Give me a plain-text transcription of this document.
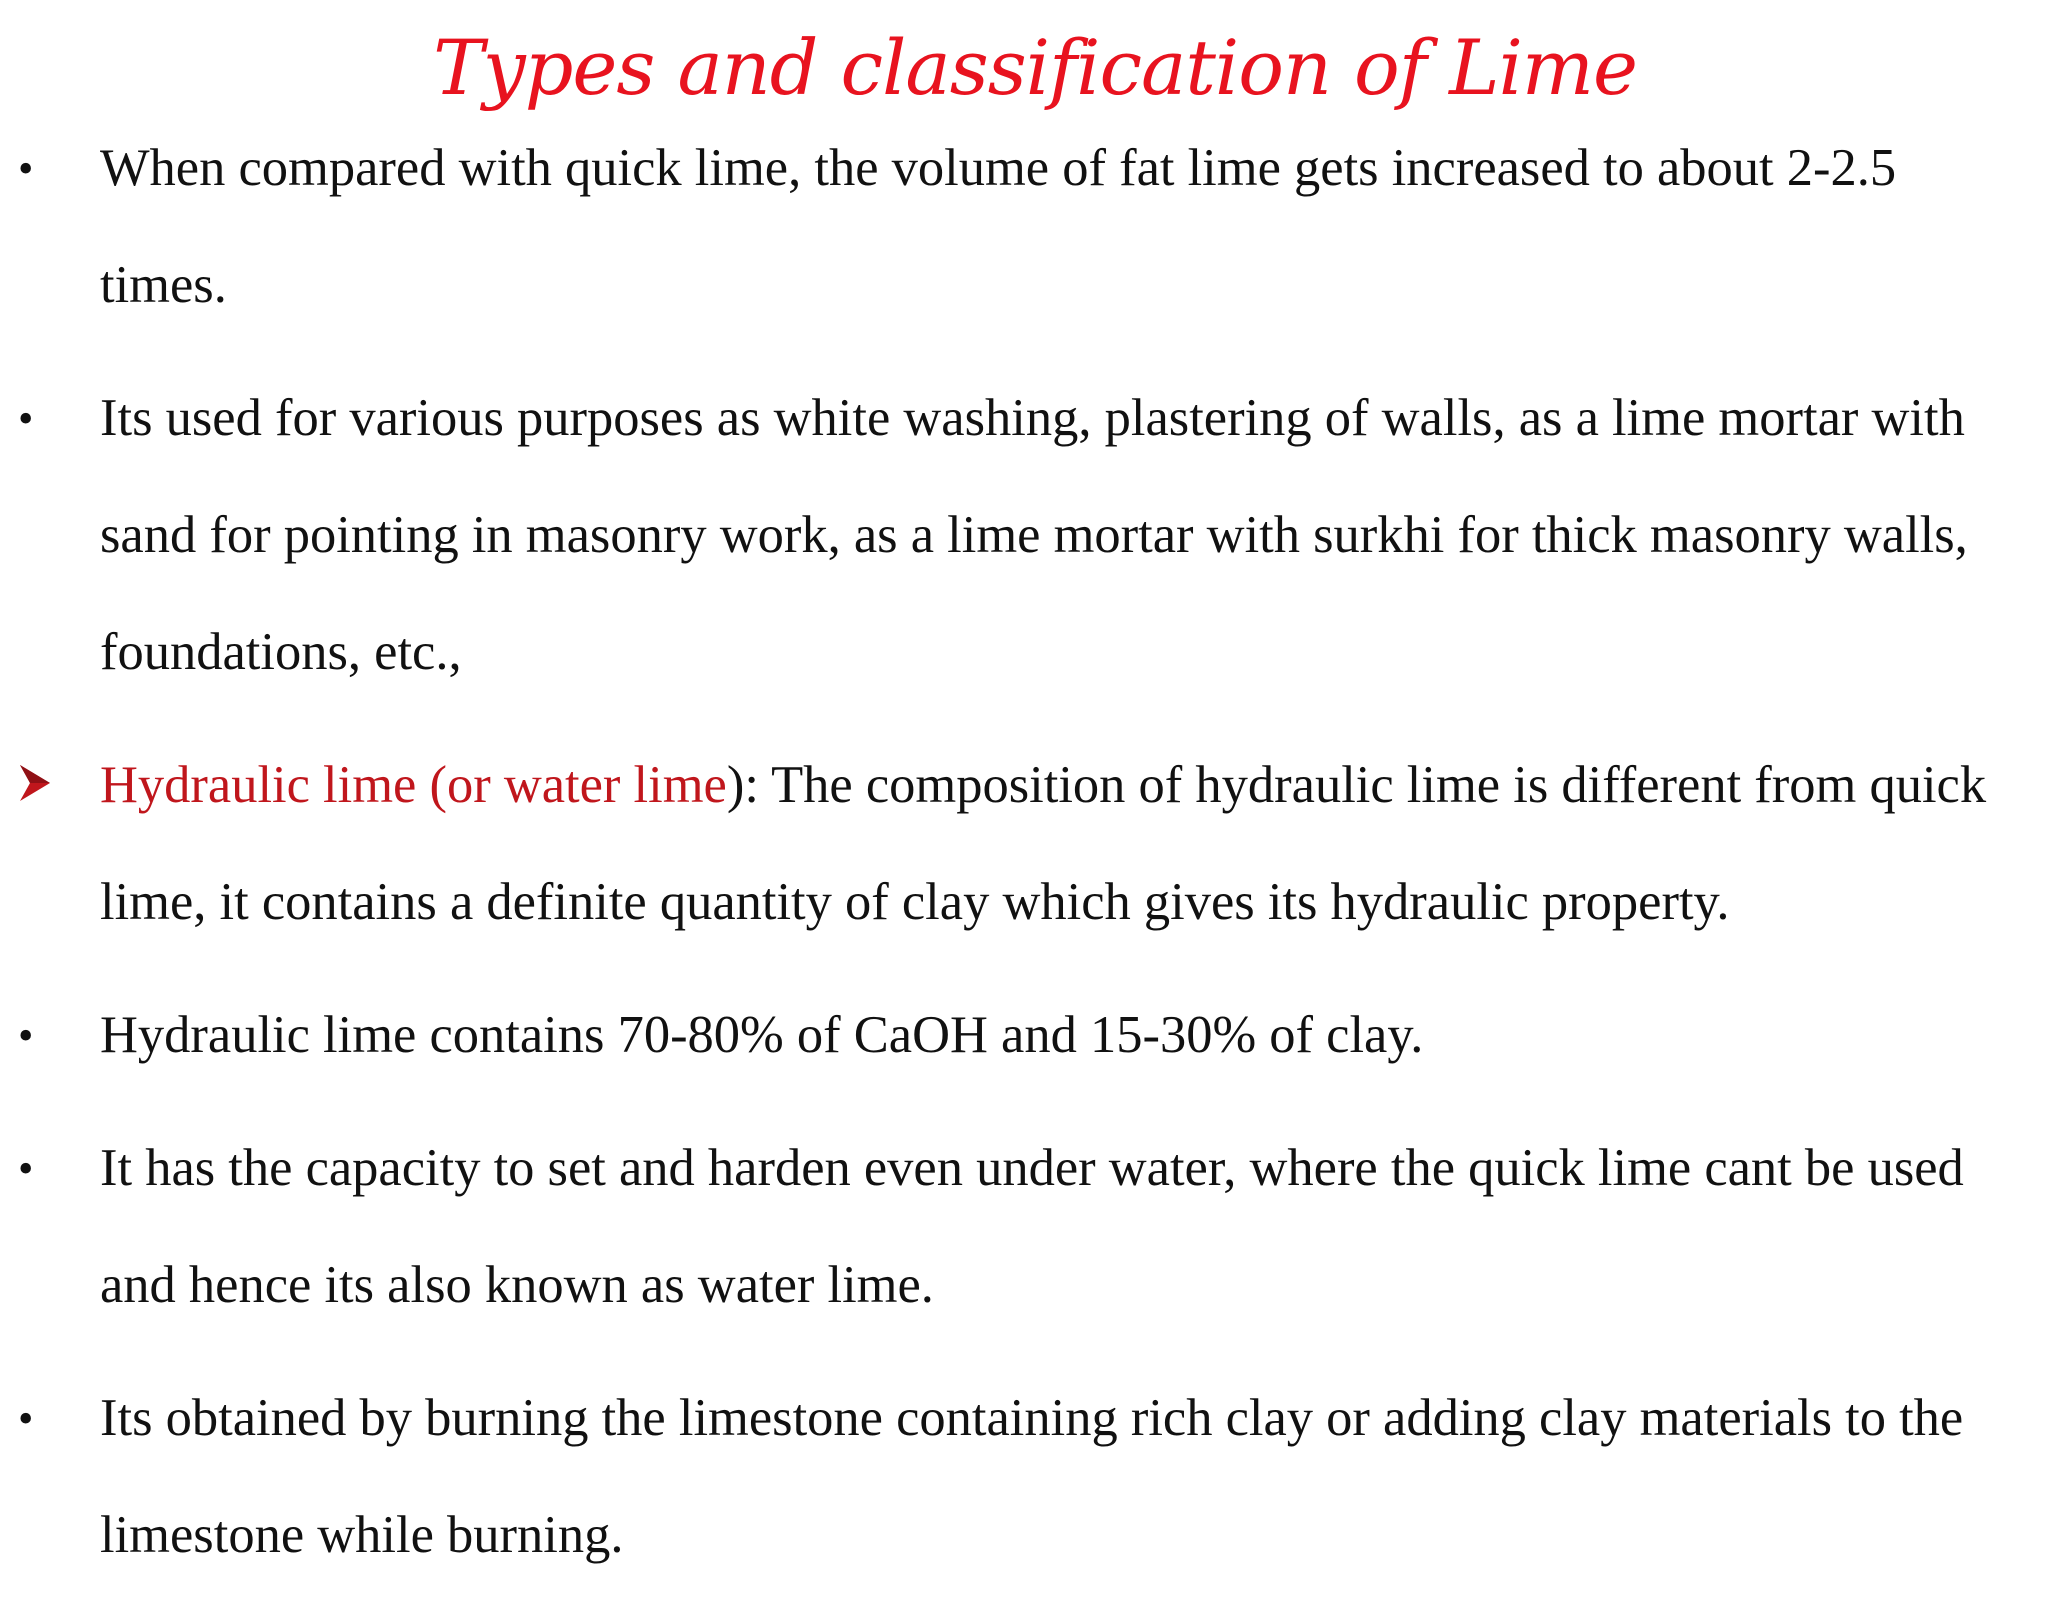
Types and classification of Lime
•	When compared with quick lime, the volume of fat lime gets increased to about 2-2.5 times.
•	Its used for various purposes as white washing, plastering of walls, as a lime mortar with sand for pointing in masonry work, as a lime mortar with surkhi for thick masonry walls, foundations, etc.,
Hydraulic lime (or water lime): The composition of hydraulic lime is different from quick lime, it contains a definite quantity of clay which gives its hydraulic property.
•	Hydraulic lime contains 70-80% of CaOH and 15-30% of clay.
•	It has the capacity to set and harden even under water, where the quick lime cant be used and hence its also known as water lime.
•	Its obtained by burning the limestone containing rich clay or adding clay materials to the limestone while burning.
